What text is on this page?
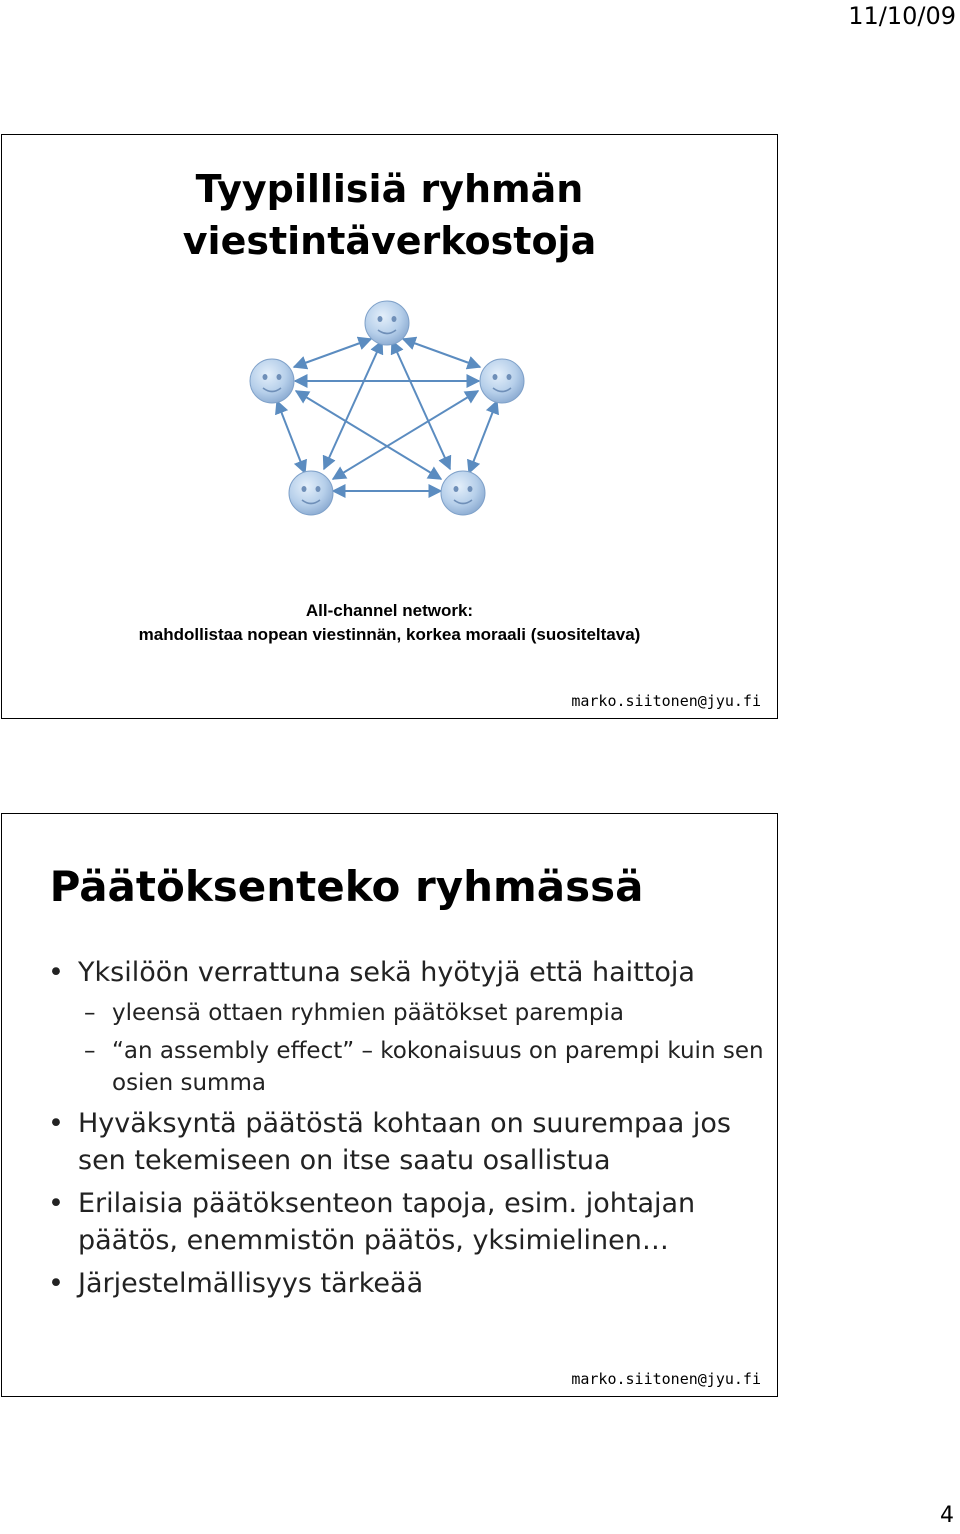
11/10/09
Tyypillisiä ryhmän
viestintäverkostoja
All-channel network:
mahdollistaa nopean viestinnän, korkea moraali (suositeltava)
marko.siitonen@jyu.fi
Päätöksenteko ryhmässä
• Yksilöön verrattuna sekä hyötyjä että haittoja
– yleensä ottaen ryhmien päätökset parempia
– “an assembly effect” – kokonaisuus on parempi kuin sen osien summa
• Hyväksyntä päätöstä kohtaan on suurempaa jos sen tekemiseen on itse saatu osallistua
• Erilaisia päätöksenteon tapoja, esim. johtajan päätös, enemmistön päätös, yksimielinen…
• Järjestelmällisyys tärkeää
marko.siitonen@jyu.fi
4
